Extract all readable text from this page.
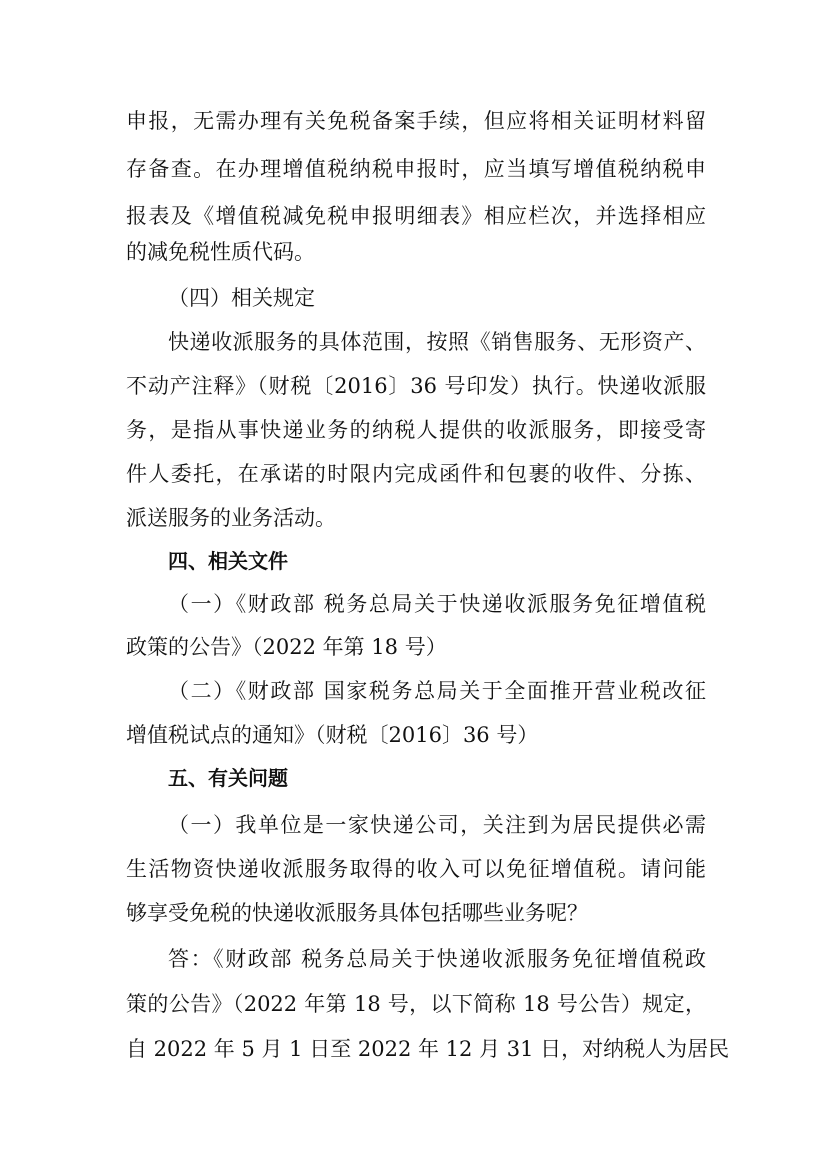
申报，无需办理有关免税备案手续，但应将相关证明材料留
存备查。在办理增值税纳税申报时，应当填写增值税纳税申
报表及《增值税减免税申报明细表》相应栏次，并选择相应
的减免税性质代码。
（四）相关规定
快递收派服务的具体范围，按照《销售服务、无形资产、
不动产注释》（财税〔2016〕36 号印发）执行。快递收派服
务，是指从事快递业务的纳税人提供的收派服务，即接受寄
件人委托，在承诺的时限内完成函件和包裹的收件、分拣、
派送服务的业务活动。
四、相关文件
（一）《财政部 税务总局关于快递收派服务免征增值税
政策的公告》（2022 年第 18 号）
（二）《财政部 国家税务总局关于全面推开营业税改征
增值税试点的通知》（财税〔2016〕36 号）
五、有关问题
（一）我单位是一家快递公司，关注到为居民提供必需
生活物资快递收派服务取得的收入可以免征增值税。请问能
够享受免税的快递收派服务具体包括哪些业务呢？
答：《财政部 税务总局关于快递收派服务免征增值税政
策的公告》（2022 年第 18 号，以下简称 18 号公告）规定，
自 2022 年 5 月 1 日至 2022 年 12 月 31 日，对纳税人为居民
